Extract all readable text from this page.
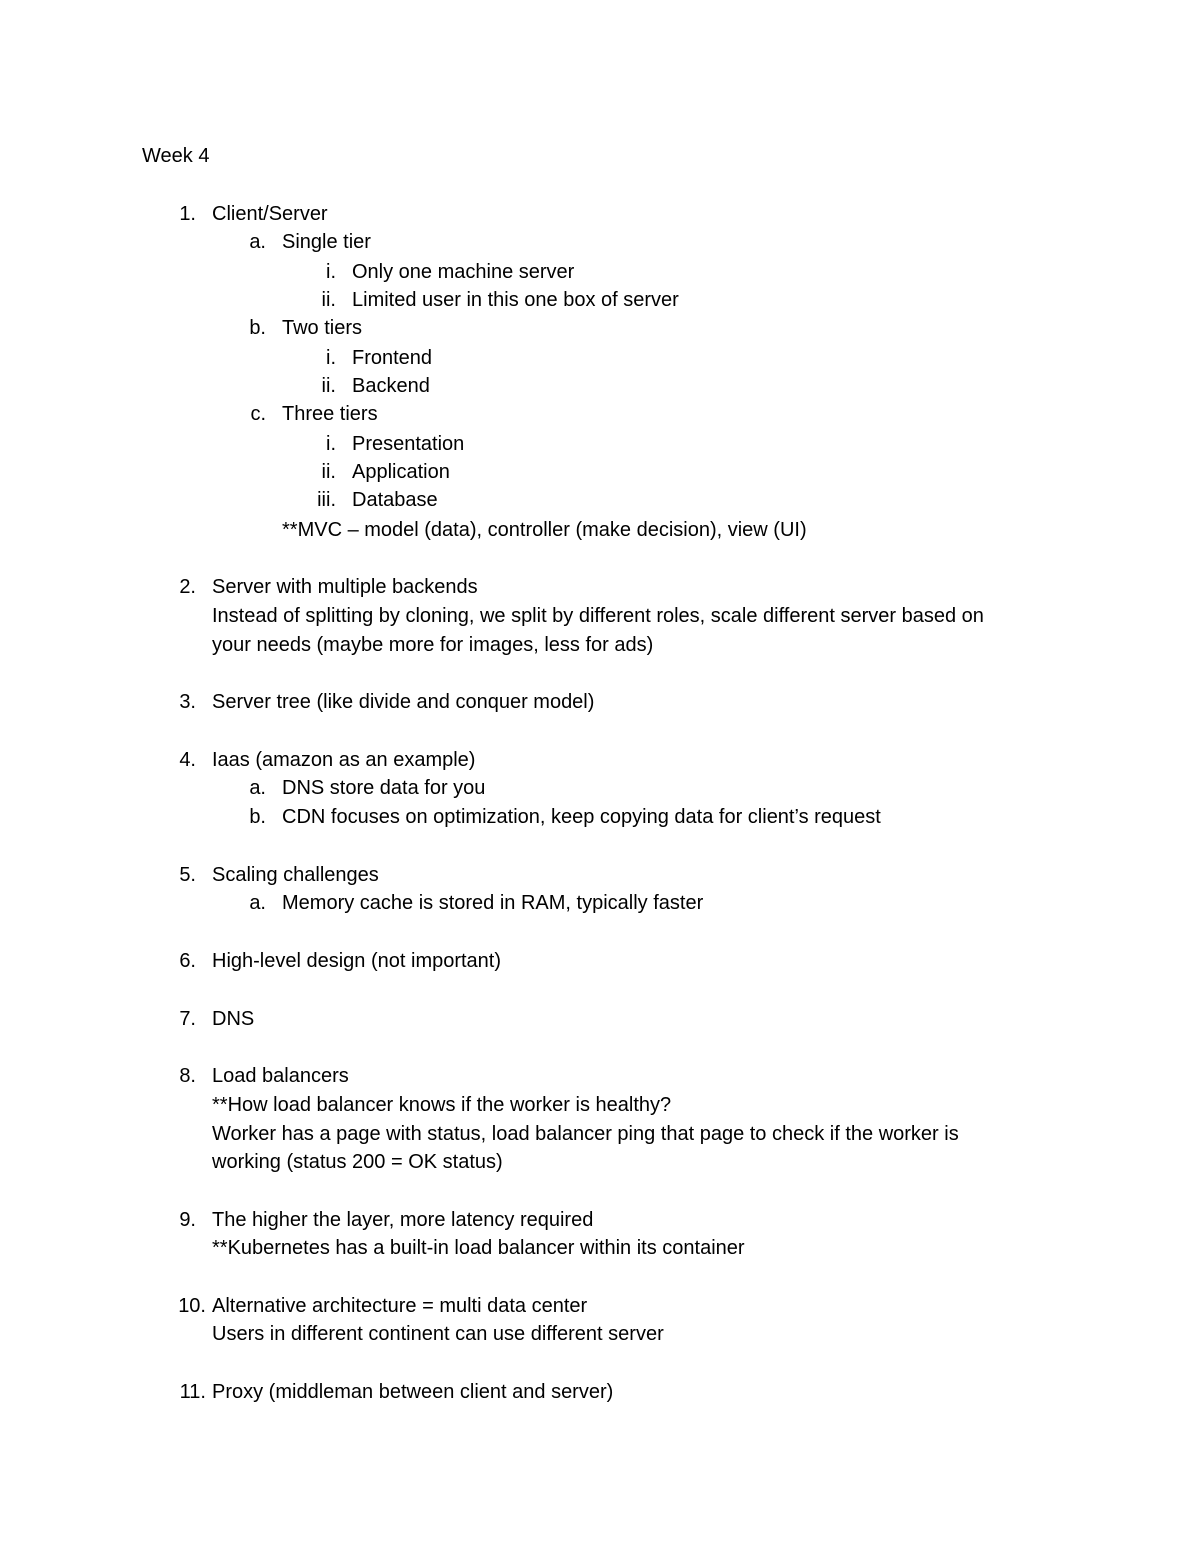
Week 4
1. Client/Server
a. Single tier
i. Only one machine server
ii. Limited user in this one box of server
b. Two tiers
i. Frontend
ii. Backend
c. Three tiers
i. Presentation
ii. Application
iii. Database
**MVC – model (data), controller (make decision), view (UI)
2. Server with multiple backends
Instead of splitting by cloning, we split by different roles, scale different server based on
your needs (maybe more for images, less for ads)
3. Server tree (like divide and conquer model)
4. Iaas (amazon as an example)
a. DNS store data for you
b. CDN focuses on optimization, keep copying data for client’s request
5. Scaling challenges
a. Memory cache is stored in RAM, typically faster
6. High-level design (not important)
7. DNS
8. Load balancers
**How load balancer knows if the worker is healthy?
Worker has a page with status, load balancer ping that page to check if the worker is
working (status 200 = OK status)
9. The higher the layer, more latency required
**Kubernetes has a built-in load balancer within its container
10. Alternative architecture = multi data center
Users in different continent can use different server
11. Proxy (middleman between client and server)
